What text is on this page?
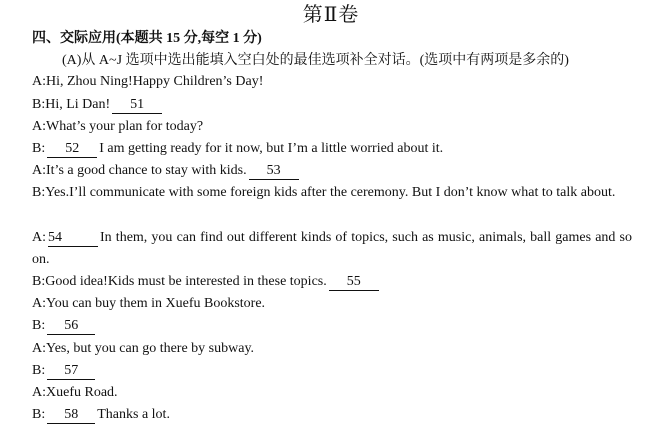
第Ⅱ卷
四、交际应用(本题共 15 分,每空 1 分)
(A)从 A~J 选项中选出能填入空白处的最佳选项补全对话。(选项中有两项是多余的)
A:Hi, Zhou Ning!Happy Children’s Day!
B:Hi, Li Dan! 51
A:What’s your plan for today?
B: 52 I am getting ready for it now, but I’m a little worried about it.
A:It’s a good chance to stay with kids. 53
B:Yes.I’ll communicate with some foreign kids after the ceremony. But I don’t know what to talk about.
A: 54	In them, you can find out different kinds of topics, such as music, animals, ball games and so on.
B:Good idea!Kids must be interested in these topics. 55
A:You can buy them in Xuefu Bookstore.
B: 56
A:Yes, but you can go there by subway.
B: 57
A:Xuefu Road.
B: 58 Thanks a lot.
